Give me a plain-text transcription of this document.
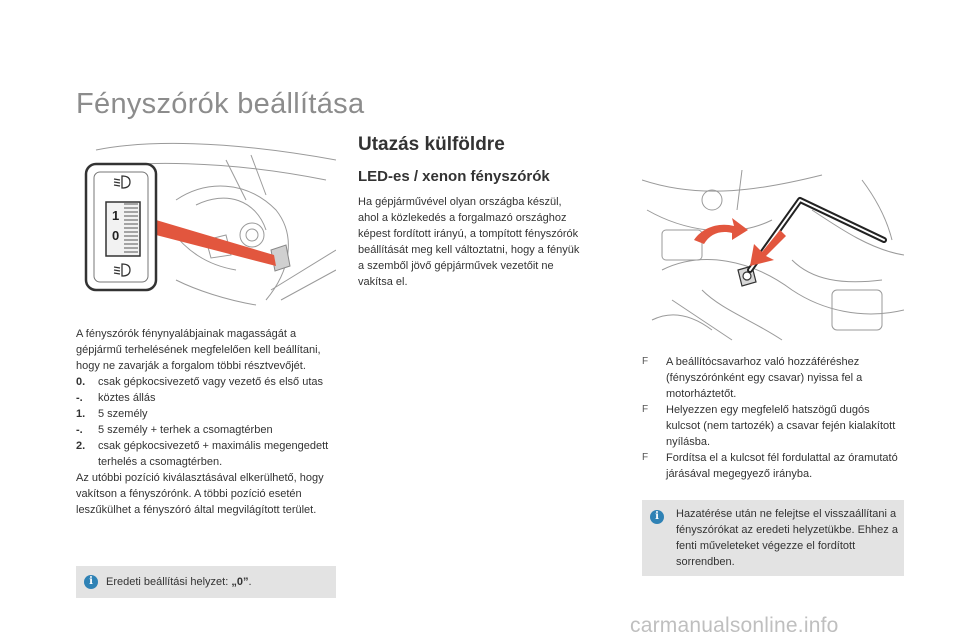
Fényszórók beállítása
1
0
Utazás külföldre
LED-es / xenon fényszórók
Ha gépjárművével olyan országba készül,
ahol a közlekedés a forgalmazó országhoz
képest fordított irányú, a tompított fényszórók
beállítását meg kell változtatni, hogy a fényük
a szemből jövő gépjárművek vezetőit ne
vakítsa el.
A fényszórók fénynyalábjainak magasságát a gépjármű terhelésének megfelelően kell beállítani, hogy ne zavarják a forgalom többi résztvevőjét.
0.	csak gépkocsivezető vagy vezető és első utas
-.	köztes állás
1.	5 személy
-.	5 személy + terhek a csomagtérben
2.	csak gépkocsivezető + maximális megengedett terhelés a csomagtérben.
Az utóbbi pozíció kiválasztásával elkerülhető, hogy vakítson a fényszórónk. A többi pozíció esetén leszűkülhet a fényszóró által megvilágított terület.
i	Eredeti beállítási helyzet: „0”.
F	A beállítócsavarhoz való hozzáféréshez (fényszórónként egy csavar) nyissa fel a motorháztetőt.
F	Helyezzen egy megfelelő hatszögű dugós kulcsot (nem tartozék) a csavar fején kialakított nyílásba.
F	Fordítsa el a kulcsot fél fordulattal az óramutató járásával megegyező irányba.
i	Hazatérése után ne felejtse el visszaállítani a fényszórókat az eredeti helyzetükbe. Ehhez a fenti műveleteket végezze el fordított sorrendben.
carmanualsonline.info
